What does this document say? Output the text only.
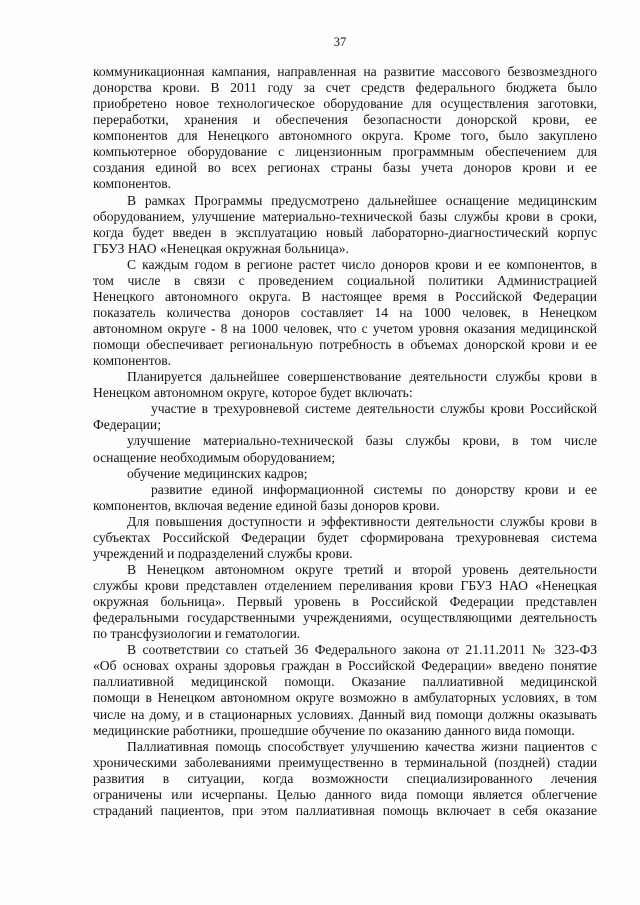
37
коммуникационная кампания, направленная на развитие массового безвозмездного
донорства крови. В 2011 году за счет средств федерального бюджета было
приобретено новое технологическое оборудование для осуществления заготовки,
переработки, хранения и обеспечения безопасности донорской крови, ее
компонентов для Ненецкого автономного округа. Кроме того, было закуплено
компьютерное оборудование с лицензионным программным обеспечением для
создания единой во всех регионах страны базы учета доноров крови и ее
компонентов.
В рамках Программы предусмотрено дальнейшее оснащение медицинским
оборудованием, улучшение материально-технической базы службы крови в сроки,
когда будет введен в эксплуатацию новый лабораторно-диагностический корпус
ГБУЗ НАО «Ненецкая окружная больница».
С каждым годом в регионе растет число доноров крови и ее компонентов, в
том числе в связи с проведением социальной политики Администрацией
Ненецкого автономного округа. В настоящее время в Российской Федерации
показатель количества доноров составляет 14 на 1000 человек, в Ненецком
автономном округе - 8 на 1000 человек, что с учетом уровня оказания медицинской
помощи обеспечивает региональную потребность в объемах донорской крови и ее
компонентов.
Планируется дальнейшее совершенствование деятельности службы крови в
Ненецком автономном округе, которое будет включать:
участие в трехуровневой системе деятельности службы крови Российской
Федерации;
улучшение материально-технической базы службы крови, в том числе
оснащение необходимым оборудованием;
обучение медицинских кадров;
развитие единой информационной системы по донорству крови и ее
компонентов, включая ведение единой базы доноров крови.
Для повышения доступности и эффективности деятельности службы крови в
субъектах Российской Федерации будет сформирована трехуровневая система
учреждений и подразделений службы крови.
В Ненецком автономном округе третий и второй уровень деятельности
службы крови представлен отделением переливания крови ГБУЗ НАО «Ненецкая
окружная больница». Первый уровень в Российской Федерации представлен
федеральными государственными учреждениями, осуществляющими деятельность
по трансфузиологии и гематологии.
В соответствии со статьей 36 Федерального закона от 21.11.2011 № 323-ФЗ
«Об основах охраны здоровья граждан в Российской Федерации» введено понятие
паллиативной медицинской помощи. Оказание паллиативной медицинской
помощи в Ненецком автономном округе возможно в амбулаторных условиях, в том
числе на дому, и в стационарных условиях. Данный вид помощи должны оказывать
медицинские работники, прошедшие обучение по оказанию данного вида помощи.
Паллиативная помощь способствует улучшению качества жизни пациентов с
хроническими заболеваниями преимущественно в терминальной (поздней) стадии
развития в ситуации, когда возможности специализированного лечения
ограничены или исчерпаны. Целью данного вида помощи является облегчение
страданий пациентов, при этом паллиативная помощь включает в себя оказание
